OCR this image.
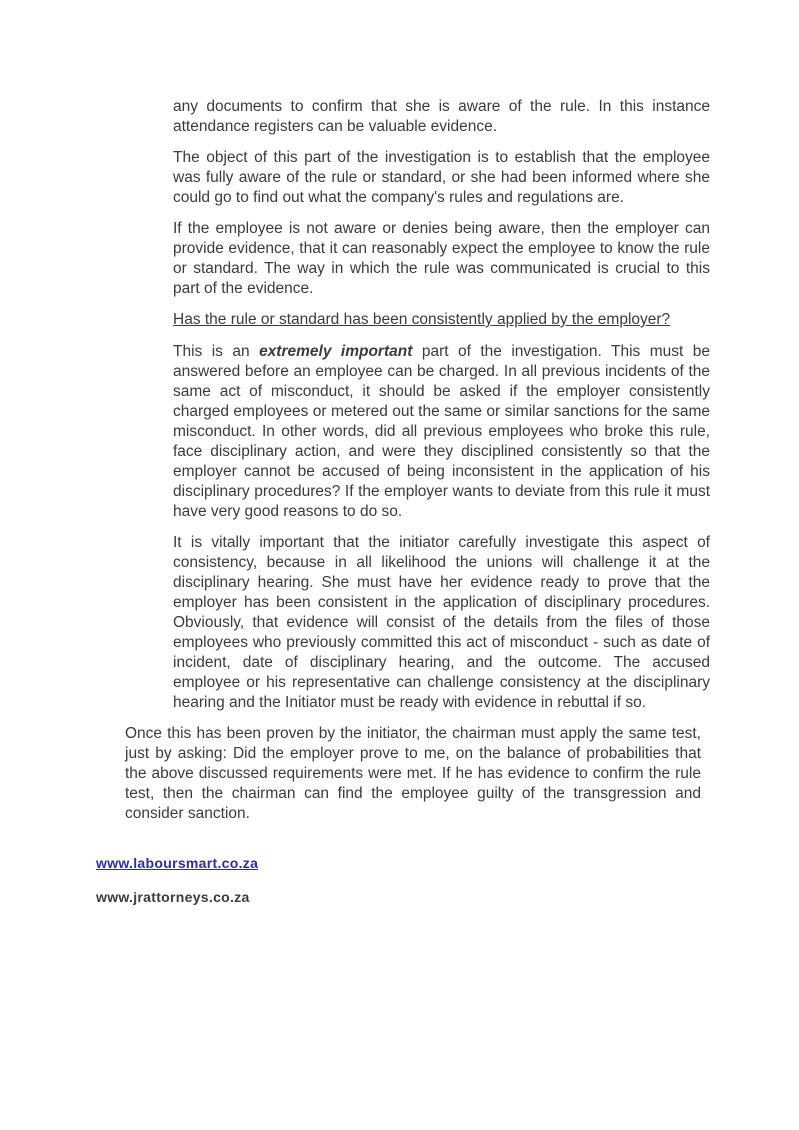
any documents to confirm that she is aware of the rule. In this instance attendance registers can be valuable evidence.

The object of this part of the investigation is to establish that the employee was fully aware of the rule or standard, or she had been informed where she could go to find out what the company's rules and regulations are.

If the employee is not aware or denies being aware, then the employer can provide evidence, that it can reasonably expect the employee to know the rule or standard. The way in which the rule was communicated is crucial to this part of the evidence.

Has the rule or standard has been consistently applied by the employer?

This is an extremely important part of the investigation. This must be answered before an employee can be charged. In all previous incidents of the same act of misconduct, it should be asked if the employer consistently charged employees or metered out the same or similar sanctions for the same misconduct. In other words, did all previous employees who broke this rule, face disciplinary action, and were they disciplined consistently so that the employer cannot be accused of being inconsistent in the application of his disciplinary procedures? If the employer wants to deviate from this rule it must have very good reasons to do so.

It is vitally important that the initiator carefully investigate this aspect of consistency, because in all likelihood the unions will challenge it at the disciplinary hearing. She must have her evidence ready to prove that the employer has been consistent in the application of disciplinary procedures. Obviously, that evidence will consist of the details from the files of those employees who previously committed this act of misconduct - such as date of incident, date of disciplinary hearing, and the outcome. The accused employee or his representative can challenge consistency at the disciplinary hearing and the Initiator must be ready with evidence in rebuttal if so.

Once this has been proven by the initiator, the chairman must apply the same test, just by asking: Did the employer prove to me, on the balance of probabilities that the above discussed requirements were met. If he has evidence to confirm the rule test, then the chairman can find the employee guilty of the transgression and consider sanction.

www.laboursmart.co.za
www.jrattorneys.co.za
